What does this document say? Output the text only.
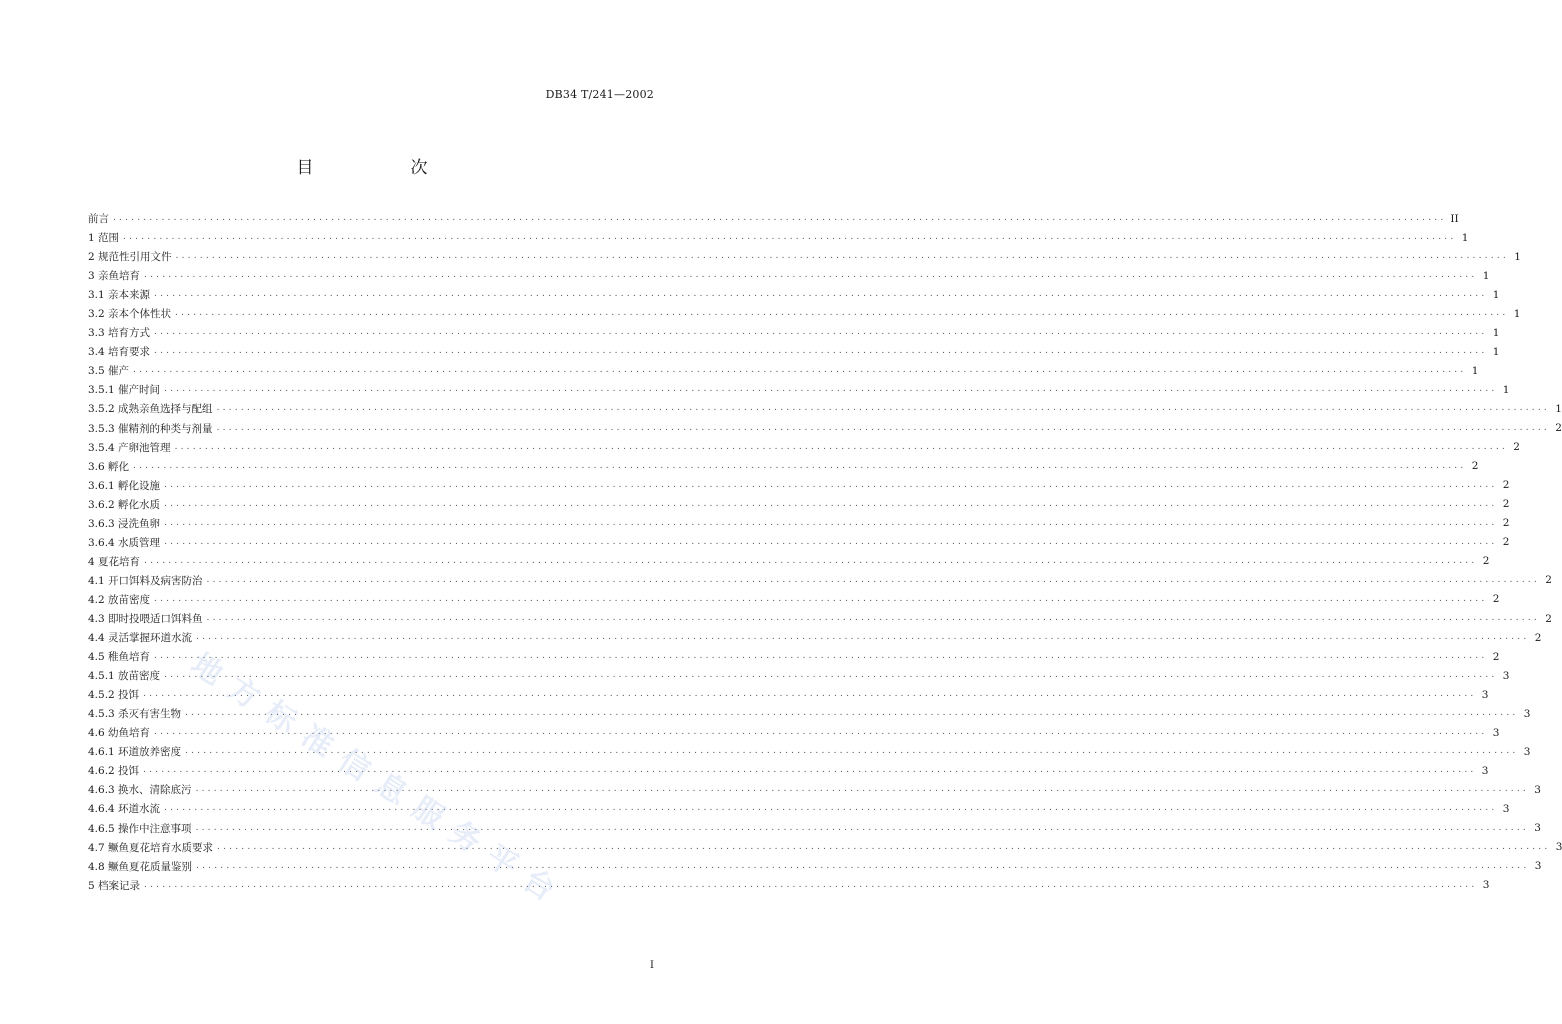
DB34 T/241—2002
目　次
前言 ............................................................................................................................................................................................................................ II
1 范围 ............................................................................................................................................................................................................................ 1
2 规范性引用文件 ............................................................................................................................................................................................................................ 1
3 亲鱼培育 ............................................................................................................................................................................................................................ 1
3.1 亲本来源 ............................................................................................................................................................................................................................ 1
3.2 亲本个体性状 ............................................................................................................................................................................................................................ 1
3.3 培育方式 ............................................................................................................................................................................................................................ 1
3.4 培育要求 ............................................................................................................................................................................................................................ 1
3.5 催产 ............................................................................................................................................................................................................................ 1
3.5.1 催产时间 ............................................................................................................................................................................................................................ 1
3.5.2 成熟亲鱼选择与配组 ............................................................................................................................................................................................................................ 1
3.5.3 催精剂的种类与剂量 ............................................................................................................................................................................................................................ 2
3.5.4 产卵池管理 ............................................................................................................................................................................................................................ 2
3.6 孵化 ............................................................................................................................................................................................................................ 2
3.6.1 孵化设施 ............................................................................................................................................................................................................................ 2
3.6.2 孵化水质 ............................................................................................................................................................................................................................ 2
3.6.3 浸洗鱼卵 ............................................................................................................................................................................................................................ 2
3.6.4 水质管理 ............................................................................................................................................................................................................................ 2
4 夏花培育 ............................................................................................................................................................................................................................ 2
4.1 开口饵料及病害防治 ............................................................................................................................................................................................................................ 2
4.2 放苗密度 ............................................................................................................................................................................................................................ 2
4.3 即时投喂适口饵料鱼 ............................................................................................................................................................................................................................ 2
4.4 灵活掌握环道水流 ............................................................................................................................................................................................................................ 2
4.5 稚鱼培育 ............................................................................................................................................................................................................................ 2
4.5.1 放苗密度 ............................................................................................................................................................................................................................ 3
4.5.2 投饵 ............................................................................................................................................................................................................................ 3
4.5.3 杀灭有害生物 ............................................................................................................................................................................................................................ 3
4.6 幼鱼培育 ............................................................................................................................................................................................................................ 3
4.6.1 环道放养密度 ............................................................................................................................................................................................................................ 3
4.6.2 投饵 ............................................................................................................................................................................................................................ 3
4.6.3 换水、清除底污 ............................................................................................................................................................................................................................ 3
4.6.4 环道水流 ............................................................................................................................................................................................................................ 3
4.6.5 操作中注意事项 ............................................................................................................................................................................................................................ 3
4.7 鳜鱼夏花培育水质要求 ............................................................................................................................................................................................................................ 3
4.8 鳜鱼夏花质量鉴别 ............................................................................................................................................................................................................................ 3
5 档案记录 ............................................................................................................................................................................................................................ 3
地方标准信息服务平台
I
